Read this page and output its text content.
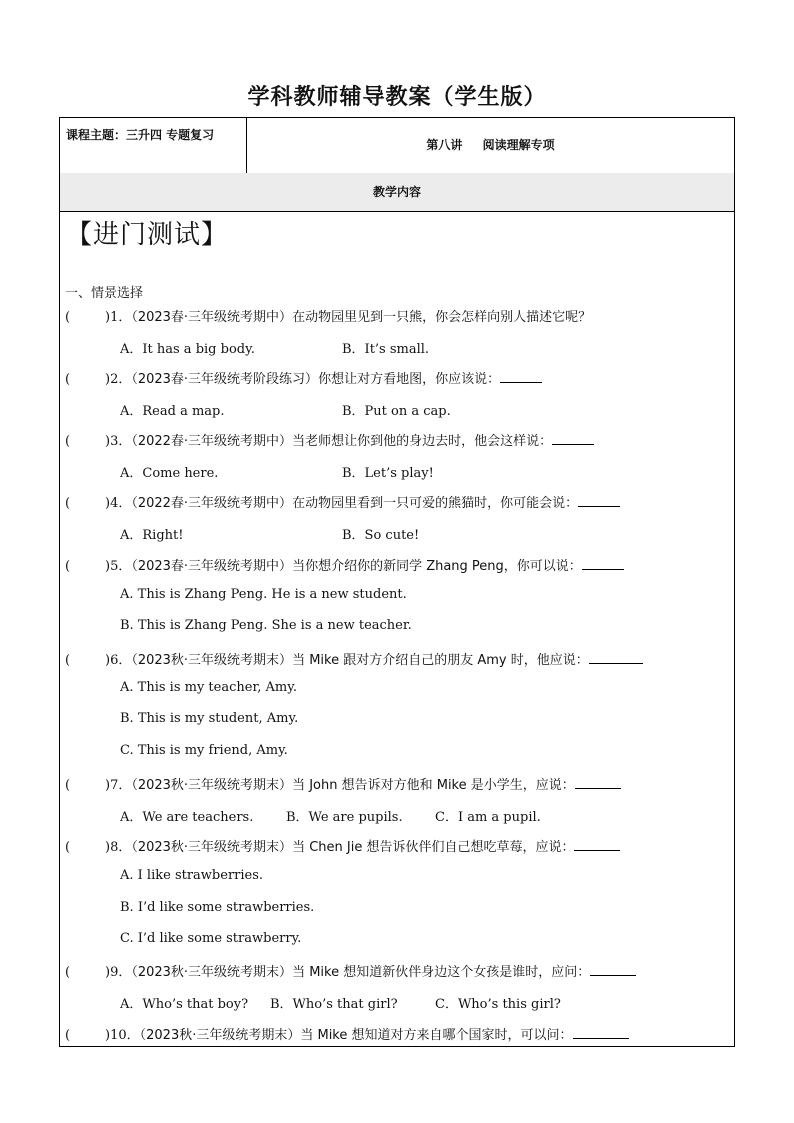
学科教师辅导教案（学生版）
课程主题：三升四 专题复习
第八讲 阅读理解专项
教学内容
【进门测试】
一、情景选择
(	)1．（2023春·三年级统考期中）在动物园里见到一只熊，你会怎样向别人描述它呢？
A．It has a big body.	B．It’s small.
(	)2．（2023春·三年级统考阶段练习）你想让对方看地图，你应该说：
A．Read a map.	B．Put on a cap.
(	)3．（2022春·三年级统考期中）当老师想让你到他的身边去时，他会这样说：
A．Come here.	B．Let’s play!
(	)4．（2022春·三年级统考期中）在动物园里看到一只可爱的熊猫时，你可能会说：
A．Right!	B．So cute!
(	)5．（2023春·三年级统考期中）当你想介绍你的新同学 Zhang Peng，你可以说：
A. This is Zhang Peng. He is a new student.
B. This is Zhang Peng. She is a new teacher.
(	)6．（2023秋·三年级统考期末）当 Mike 跟对方介绍自己的朋友 Amy 时，他应说：
A. This is my teacher, Amy.
B. This is my student, Amy.
C. This is my friend, Amy.
(	)7．（2023秋·三年级统考期末）当 John 想告诉对方他和 Mike 是小学生，应说：
A．We are teachers.	B．We are pupils. C．I am a pupil.
(	)8．（2023秋·三年级统考期末）当 Chen Jie 想告诉伙伴们自己想吃草莓，应说：
A. I like strawberries.
B. I’d like some strawberries.
C. I’d like some strawberry.
(	)9．（2023秋·三年级统考期末）当 Mike 想知道新伙伴身边这个女孩是谁时，应问：
A．Who’s that boy? B．Who’s that girl?	C．Who’s this girl?
(	)10．（2023秋·三年级统考期末）当 Mike 想知道对方来自哪个国家时，可以问：
